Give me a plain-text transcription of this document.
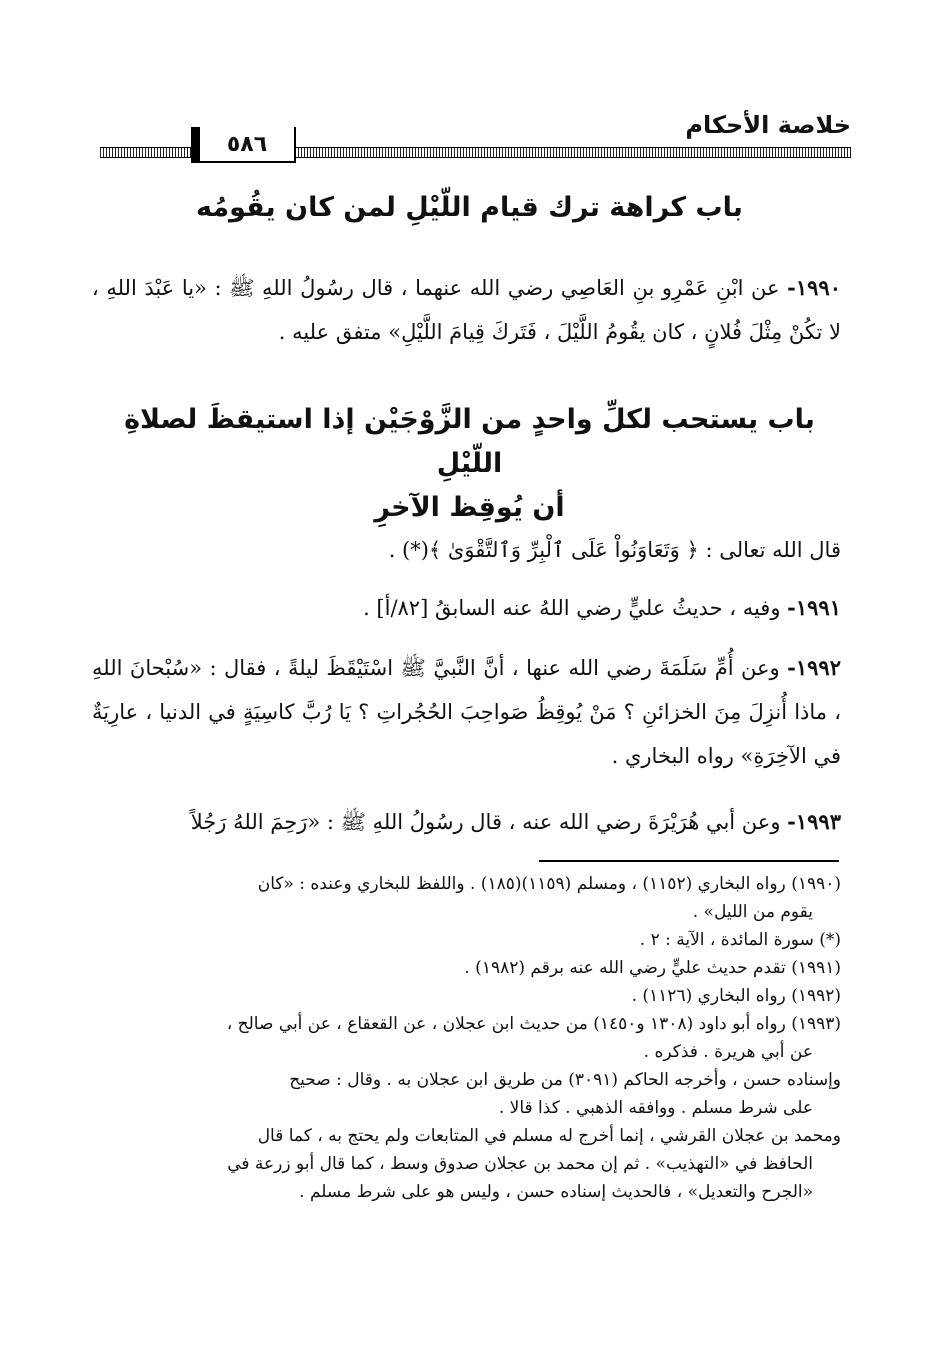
خلاصة الأحكام
٥٨٦
باب كراهة ترك قيام اللّيْلِ لمن كان يقُومُه
١٩٩٠- عن ابْنِ عَمْرِو بنِ العَاصِي رضي الله عنهما ، قال رسُولُ اللهِ ﷺ : «يا عَبْدَ اللهِ ، لا تكُنْ مِثْلَ فُلانٍ ، كان يقُومُ اللَّيْلَ ، فَتَركَ قِيامَ اللَّيْلِ» متفق عليه .
باب يستحب لكلِّ واحدٍ من الزَّوْجَيْن إذا استيقظَ لصلاةِ اللّيْلِ
أن يُوقِظ الآخرِ
قال الله تعالى : ﴿ وَتَعَاوَنُواْ عَلَى ٱلْبِرِّ وَٱلتَّقْوَىٰ ﴾(*) .
١٩٩١- وفيه ، حديثُ عليٍّ رضي اللهُ عنه السابقُ [٨٢/أ] .
١٩٩٢- وعن أُمِّ سَلَمَةَ رضي الله عنها ، أنَّ النَّبيَّ ﷺ اسْتَيْقَظَ ليلةً ، فقال : «سُبْحانَ اللهِ ، ماذا أُنزِلَ مِنَ الخزائنِ ؟ مَنْ يُوقِظُ صَواحِبَ الحُجُراتِ ؟ يَا رُبَّ كاسِيَةٍ في الدنيا ، عارِيَةٌ في الآخِرَةِ» رواه البخاري .
١٩٩٣- وعن أبي هُرَيْرَةَ رضي الله عنه ، قال رسُولُ اللهِ ﷺ : «رَحِمَ اللهُ رَجُلاً
(١٩٩٠) رواه البخاري (١١٥٢) ، ومسلم (١١٥٩)(١٨٥) . واللفظ للبخاري وعنده : «كان
يقوم من الليل» .
(*) سورة المائدة ، الآية : ٢ .
(١٩٩١) تقدم حديث عليٍّ رضي الله عنه برقم (١٩٨٢) .
(١٩٩٢) رواه البخاري (١١٢٦) .
(١٩٩٣) رواه أبو داود (١٣٠٨ و١٤٥٠) من حديث ابن عجلان ، عن القعقاع ، عن أبي صالح ،
عن أبي هريرة . فذكره .
وإسناده حسن ، وأخرجه الحاكم (٣٠٩١) من طريق ابن عجلان به . وقال : صحيح
على شرط مسلم . ووافقه الذهبي . كذا قالا .
ومحمد بن عجلان القرشي ، إنما أخرج له مسلم في المتابعات ولم يحتج به ، كما قال
الحافظ في «التهذيب» . ثم إن محمد بن عجلان صدوق وسط ، كما قال أبو زرعة في
«الجرح والتعديل» ، فالحديث إسناده حسن ، وليس هو على شرط مسلم .
